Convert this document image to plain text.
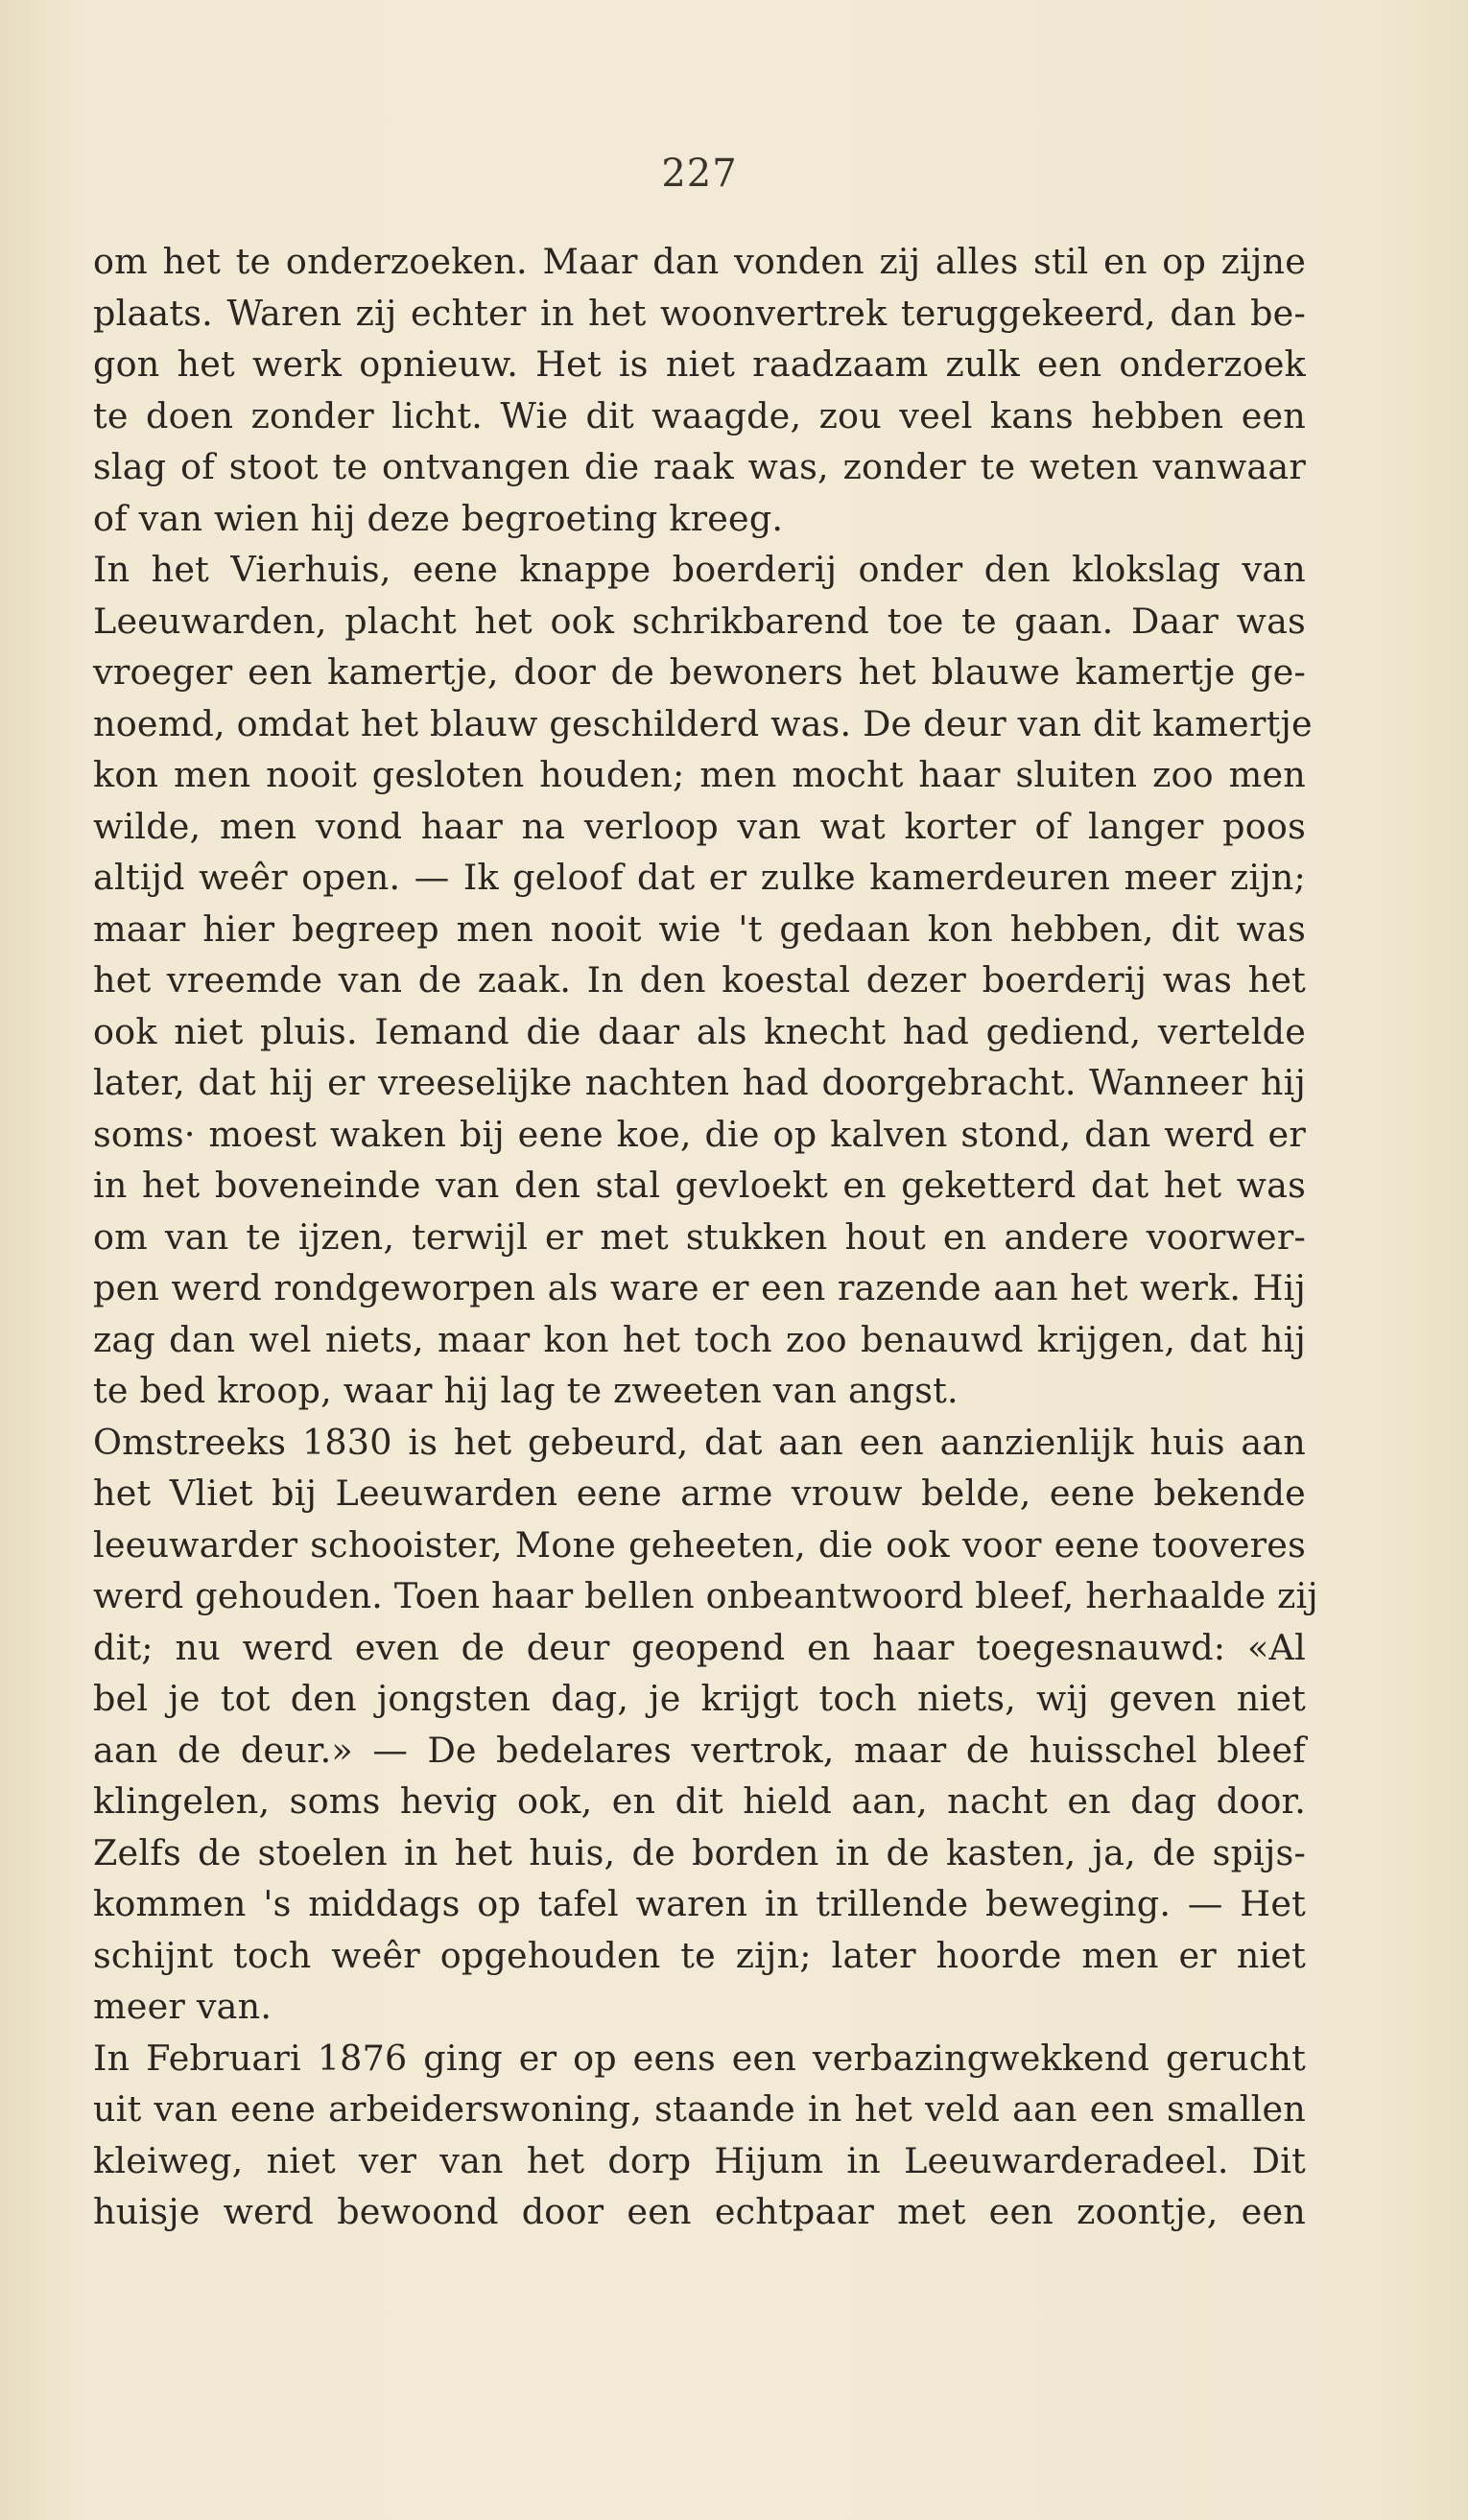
227
om het te onderzoeken. Maar dan vonden zij alles stil en op zijne
plaats. Waren zij echter in het woonvertrek teruggekeerd, dan be-
gon het werk opnieuw. Het is niet raadzaam zulk een onderzoek
te doen zonder licht. Wie dit waagde, zou veel kans hebben een
slag of stoot te ontvangen die raak was, zonder te weten vanwaar
of van wien hij deze begroeting kreeg.
In het Vierhuis, eene knappe boerderij onder den klokslag van
Leeuwarden, placht het ook schrikbarend toe te gaan. Daar was
vroeger een kamertje, door de bewoners het blauwe kamertje ge-
noemd, omdat het blauw geschilderd was. De deur van dit kamertje
kon men nooit gesloten houden; men mocht haar sluiten zoo men
wilde, men vond haar na verloop van wat korter of langer poos
altijd weêr open. — Ik geloof dat er zulke kamerdeuren meer zijn;
maar hier begreep men nooit wie 't gedaan kon hebben, dit was
het vreemde van de zaak. In den koestal dezer boerderij was het
ook niet pluis. Iemand die daar als knecht had gediend, vertelde
later, dat hij er vreeselijke nachten had doorgebracht. Wanneer hij
soms· moest waken bij eene koe, die op kalven stond, dan werd er
in het boveneinde van den stal gevloekt en geketterd dat het was
om van te ijzen, terwijl er met stukken hout en andere voorwer-
pen werd rondgeworpen als ware er een razende aan het werk. Hij
zag dan wel niets, maar kon het toch zoo benauwd krijgen, dat hij
te bed kroop, waar hij lag te zweeten van angst.
Omstreeks 1830 is het gebeurd, dat aan een aanzienlijk huis aan
het Vliet bij Leeuwarden eene arme vrouw belde, eene bekende
leeuwarder schooister, Mone geheeten, die ook voor eene tooveres
werd gehouden. Toen haar bellen onbeantwoord bleef, herhaalde zij
dit; nu werd even de deur geopend en haar toegesnauwd: «Al
bel je tot den jongsten dag, je krijgt toch niets, wij geven niet
aan de deur.» — De bedelares vertrok, maar de huisschel bleef
klingelen, soms hevig ook, en dit hield aan, nacht en dag door.
Zelfs de stoelen in het huis, de borden in de kasten, ja, de spijs-
kommen 's middags op tafel waren in trillende beweging. — Het
schijnt toch weêr opgehouden te zijn; later hoorde men er niet
meer van.
In Februari 1876 ging er op eens een verbazingwekkend gerucht
uit van eene arbeiderswoning, staande in het veld aan een smallen
kleiweg, niet ver van het dorp Hijum in Leeuwarderadeel. Dit
huisje werd bewoond door een echtpaar met een zoontje, een
